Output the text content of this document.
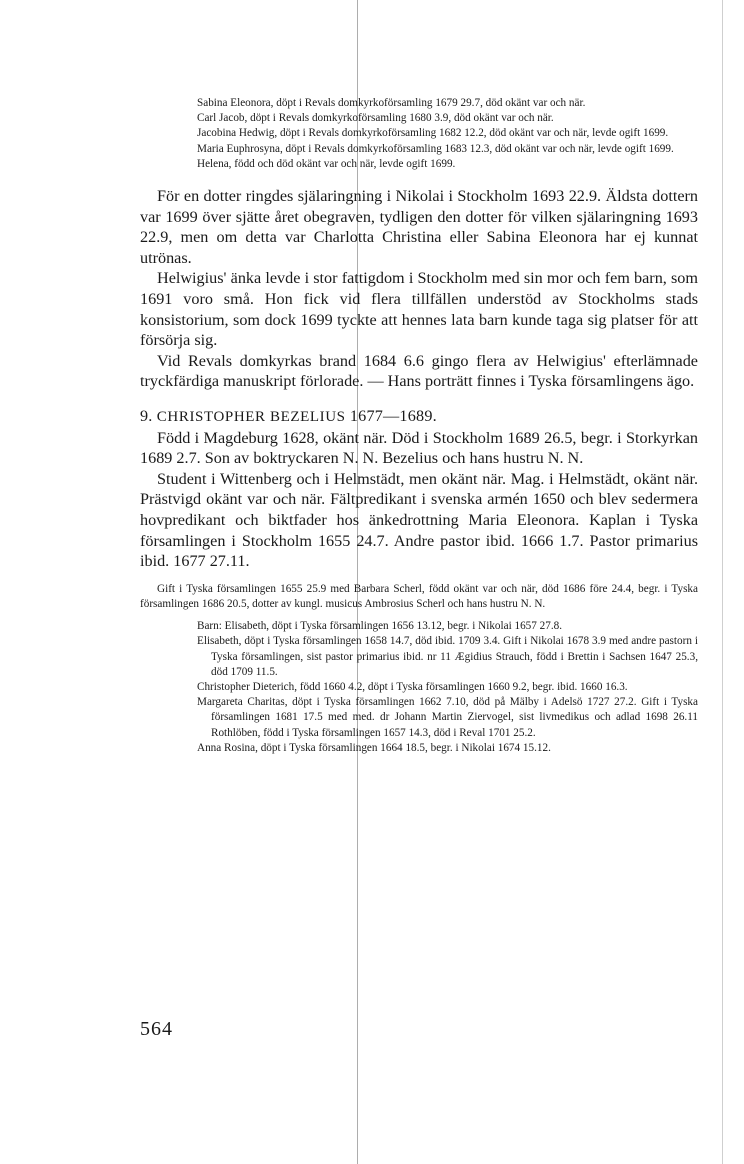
Sabina Eleonora, döpt i Revals domkyrkoförsamling 1679 29.7, död okänt var och när.

Carl Jacob, döpt i Revals domkyrkoförsamling 1680 3.9, död okänt var och när.

Jacobina Hedwig, döpt i Revals domkyrkoförsamling 1682 12.2, död okänt var och när, levde ogift 1699.

Maria Euphrosyna, döpt i Revals domkyrkoförsamling 1683 12.3, död okänt var och när, levde ogift 1699.

Helena, född och död okänt var och när, levde ogift 1699.

För en dotter ringdes själaringning i Nikolai i Stockholm 1693 22.9. Äldsta dottern var 1699 över sjätte året obegraven, tydligen den dotter för vilken själaringning 1693 22.9, men om detta var Charlotta Christina eller Sabina Eleonora har ej kunnat utrönas.

Helwigius' änka levde i stor fattigdom i Stockholm med sin mor och fem barn, som 1691 voro små. Hon fick vid flera tillfällen understöd av Stockholms stads konsistorium, som dock 1699 tyckte att hennes lata barn kunde taga sig platser för att försörja sig.

Vid Revals domkyrkas brand 1684 6.6 gingo flera av Helwigius' efterlämnade tryckfärdiga manuskript förlorade. — Hans porträtt finnes i Tyska församlingens ägo.

9. CHRISTOPHER BEZELIUS 1677—1689.

Född i Magdeburg 1628, okänt när. Död i Stockholm 1689 26.5, begr. i Storkyrkan 1689 2.7. Son av boktryckaren N. N. Bezelius och hans hustru N. N.

Student i Wittenberg och i Helmstädt, men okänt när. Mag. i Helmstädt, okänt när. Prästvigd okänt var och när. Fältpredikant i svenska armén 1650 och blev sedermera hovpredikant och biktfader hos änkedrottning Maria Eleonora. Kaplan i Tyska församlingen i Stockholm 1655 24.7. Andre pastor ibid. 1666 1.7. Pastor primarius ibid. 1677 27.11.

Gift i Tyska församlingen 1655 25.9 med Barbara Scherl, född okänt var och när, död 1686 före 24.4, begr. i Tyska församlingen 1686 20.5, dotter av kungl. musicus Ambrosius Scherl och hans hustru N. N.

Barn: Elisabeth, döpt i Tyska församlingen 1656 13.12, begr. i Nikolai 1657 27.8.

Elisabeth, döpt i Tyska församlingen 1658 14.7, död ibid. 1709 3.4. Gift i Nikolai 1678 3.9 med andre pastorn i Tyska församlingen, sist pastor primarius ibid. nr 11 Ægidius Strauch, född i Brettin i Sachsen 1647 25.3, död 1709 11.5.

Christopher Dieterich, född 1660 4.2, döpt i Tyska församlingen 1660 9.2, begr. ibid. 1660 16.3.

Margareta Charitas, döpt i Tyska församlingen 1662 7.10, död på Mälby i Adelsö 1727 27.2. Gift i Tyska församlingen 1681 17.5 med med. dr Johann Martin Ziervogel, sist livmedikus och adlad 1698 26.11 Rothlöben, född i Tyska församlingen 1657 14.3, död i Reval 1701 25.2.

Anna Rosina, döpt i Tyska församlingen 1664 18.5, begr. i Nikolai 1674 15.12.

564
